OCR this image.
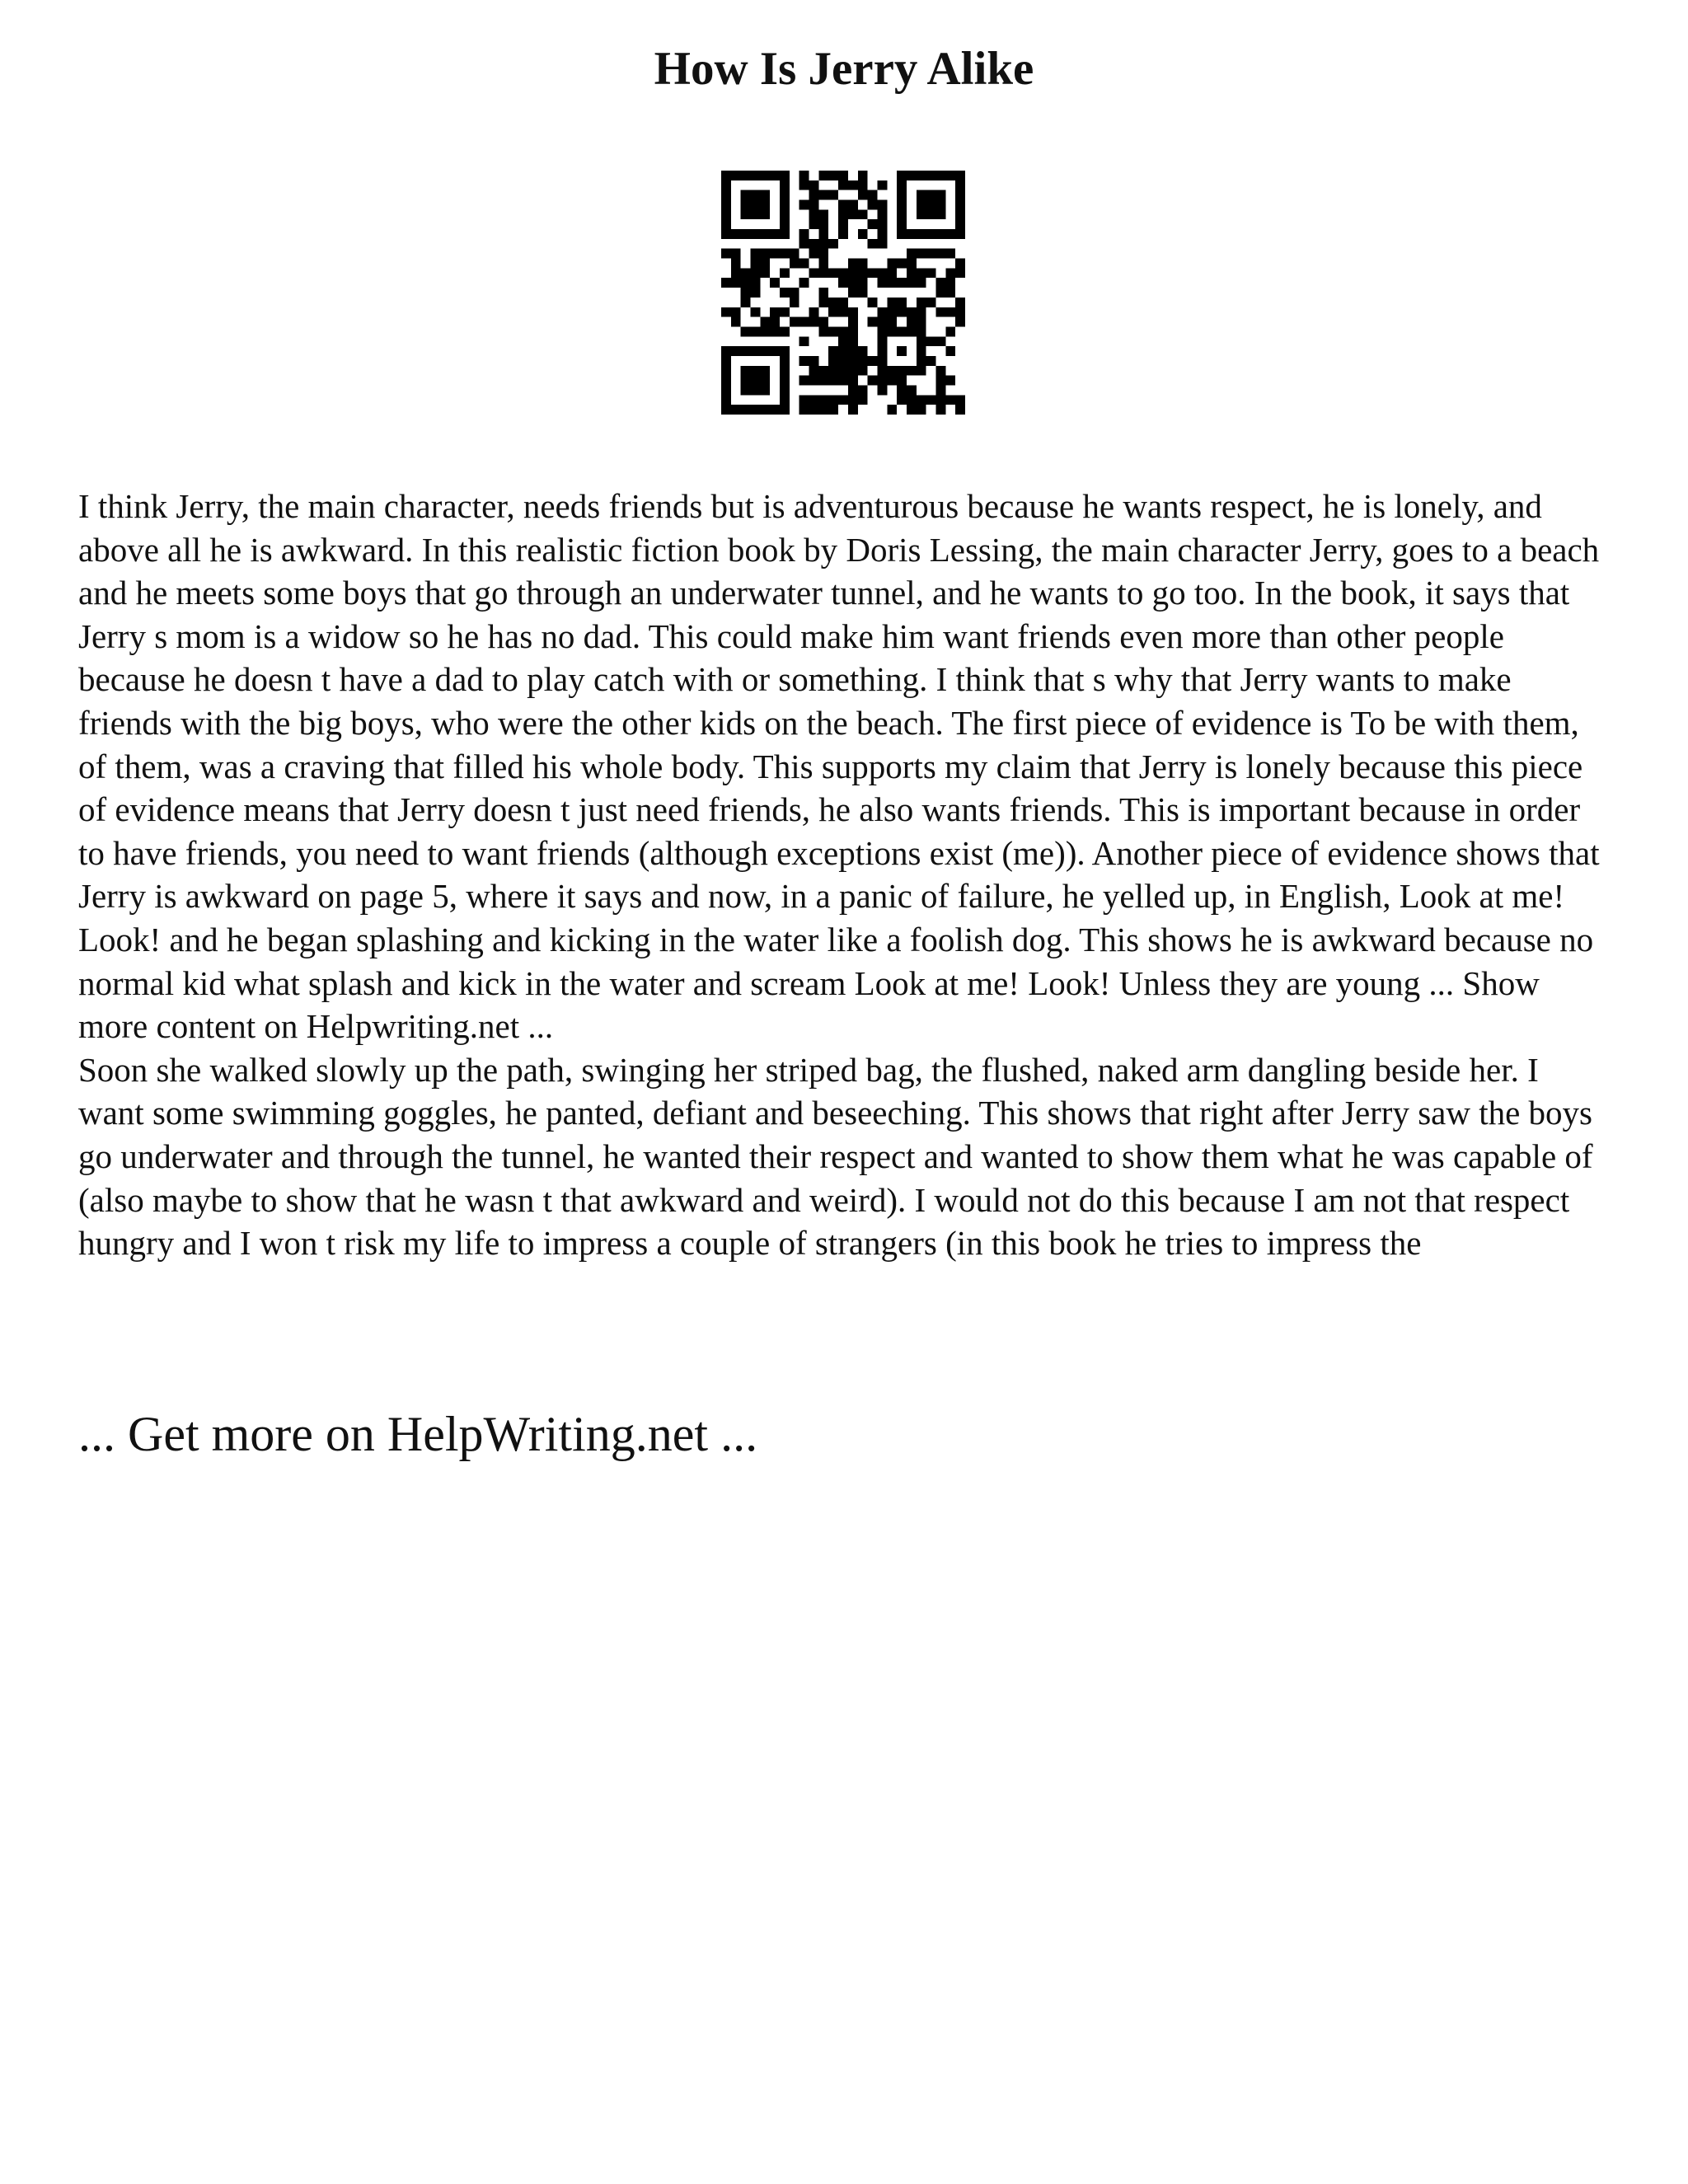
How Is Jerry Alike

I think Jerry, the main character, needs friends but is adventurous because he wants respect, he is lonely, and above all he is awkward. In this realistic fiction book by Doris Lessing, the main character Jerry, goes to a beach and he meets some boys that go through an underwater tunnel, and he wants to go too. In the book, it says that Jerry s mom is a widow so he has no dad. This could make him want friends even more than other people because he doesn t have a dad to play catch with or something. I think that s why that Jerry wants to make friends with the big boys, who were the other kids on the beach. The first piece of evidence is To be with them, of them, was a craving that filled his whole body. This supports my claim that Jerry is lonely because this piece of evidence means that Jerry doesn t just need friends, he also wants friends. This is important because in order to have friends, you need to want friends (although exceptions exist (me)). Another piece of evidence shows that Jerry is awkward on page 5, where it says and now, in a panic of failure, he yelled up, in English, Look at me! Look! and he began splashing and kicking in the water like a foolish dog. This shows he is awkward because no normal kid what splash and kick in the water and scream Look at me! Look! Unless they are young ... Show more content on Helpwriting.net ...

Soon she walked slowly up the path, swinging her striped bag, the flushed, naked arm dangling beside her. I want some swimming goggles, he panted, defiant and beseeching. This shows that right after Jerry saw the boys go underwater and through the tunnel, he wanted their respect and wanted to show them what he was capable of (also maybe to show that he wasn t that awkward and weird). I would not do this because I am not that respect hungry and I won t risk my life to impress a couple of strangers (in this book he tries to impress the

... Get more on HelpWriting.net ...
